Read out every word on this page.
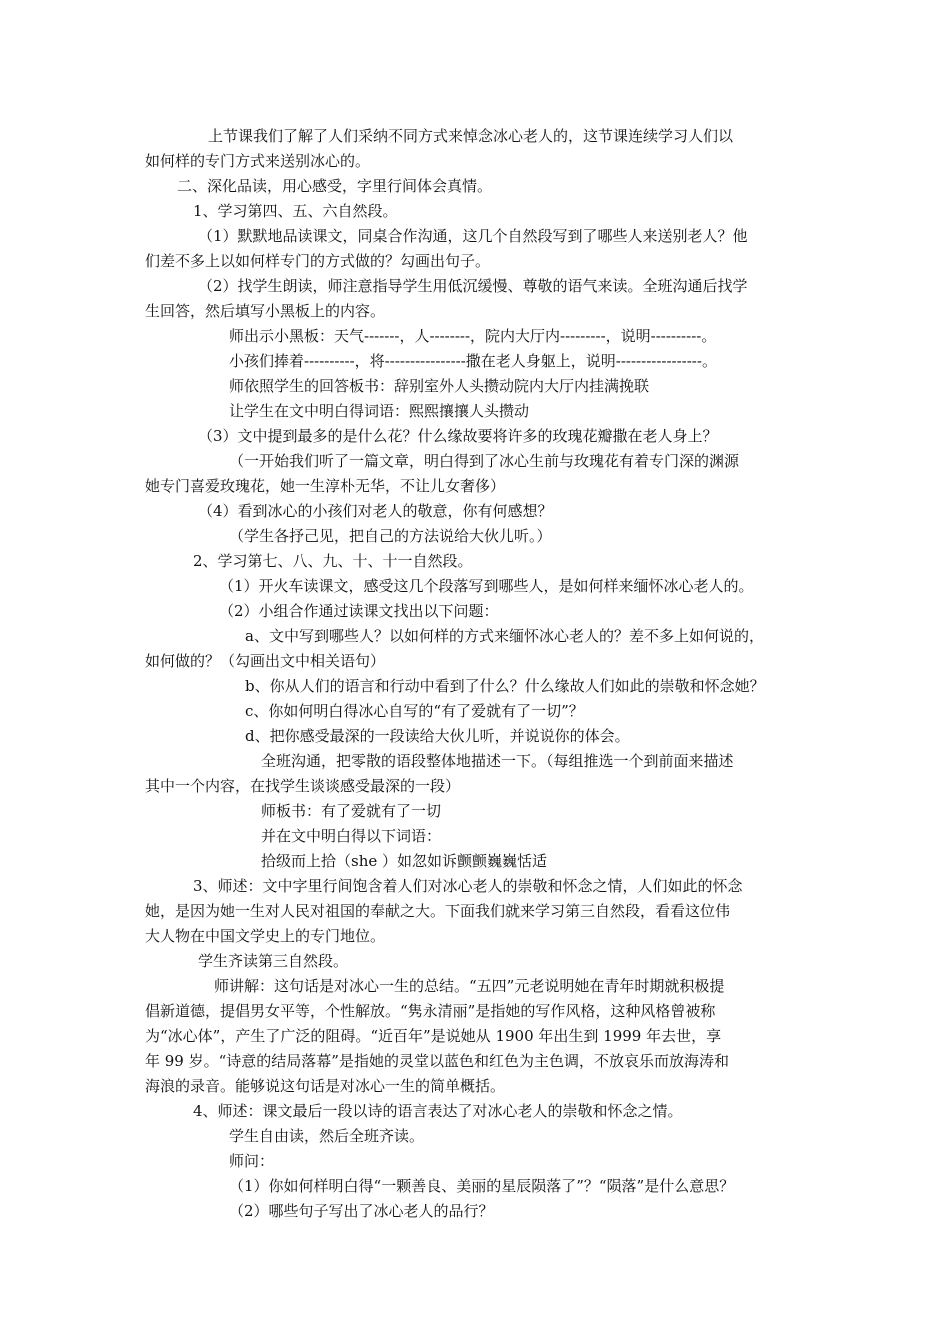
上节课我们了解了人们采纳不同方式来悼念冰心老人的，这节课连续学习人们以
如何样的专门方式来送别冰心的。
二、深化品读，用心感受，字里行间体会真情。
1、学习第四、五、六自然段。
（1）默默地品读课文，同桌合作沟通，这几个自然段写到了哪些人来送别老人？他
们差不多上以如何样专门的方式做的？勾画出句子。
（2）找学生朗读，师注意指导学生用低沉缓慢、尊敬的语气来读。全班沟通后找学
生回答，然后填写小黑板上的内容。
师出示小黑板：天气-------，人--------，院内大厅内---------，说明----------。
小孩们捧着----------，将----------------撒在老人身躯上，说明-----------------。
师依照学生的回答板书：辞别室外人头攒动院内大厅内挂满挽联
让学生在文中明白得词语：熙熙攘攘人头攒动
（3）文中提到最多的是什么花？什么缘故要将许多的玫瑰花瓣撒在老人身上？
（一开始我们听了一篇文章，明白得到了冰心生前与玫瑰花有着专门深的渊源
她专门喜爱玫瑰花，她一生淳朴无华，不让儿女奢侈）
（4）看到冰心的小孩们对老人的敬意，你有何感想？
（学生各抒己见，把自己的方法说给大伙儿听。）
2、学习第七、八、九、十、十一自然段。
（1）开火车读课文，感受这几个段落写到哪些人，是如何样来缅怀冰心老人的。
（2）小组合作通过读课文找出以下问题：
a、文中写到哪些人？以如何样的方式来缅怀冰心老人的？差不多上如何说的，
如何做的？（勾画出文中相关语句）
b、你从人们的语言和行动中看到了什么？什么缘故人们如此的崇敬和怀念她？
c、你如何明白得冰心自写的“有了爱就有了一切”？
d、把你感受最深的一段读给大伙儿听，并说说你的体会。
全班沟通，把零散的语段整体地描述一下。（每组推选一个到前面来描述
其中一个内容，在找学生谈谈感受最深的一段）
师板书：有了爱就有了一切
并在文中明白得以下词语：
拾级而上拾（she ）如忽如诉颤颤巍巍恬适
3、师述：文中字里行间饱含着人们对冰心老人的崇敬和怀念之情，人们如此的怀念
她，是因为她一生对人民对祖国的奉献之大。下面我们就来学习第三自然段，看看这位伟
大人物在中国文学史上的专门地位。
学生齐读第三自然段。
师讲解：这句话是对冰心一生的总结。“五四”元老说明她在青年时期就积极提
倡新道德，提倡男女平等，个性解放。“隽永清丽”是指她的写作风格，这种风格曾被称
为“冰心体”，产生了广泛的阻碍。“近百年”是说她从 1900 年出生到 1999 年去世，享
年 99 岁。“诗意的结局落幕”是指她的灵堂以蓝色和红色为主色调，不放哀乐而放海涛和
海浪的录音。能够说这句话是对冰心一生的简单概括。
4、师述：课文最后一段以诗的语言表达了对冰心老人的崇敬和怀念之情。
学生自由读，然后全班齐读。
师问：
（1）你如何样明白得“一颗善良、美丽的星辰陨落了”？“陨落”是什么意思？
（2）哪些句子写出了冰心老人的品行？
